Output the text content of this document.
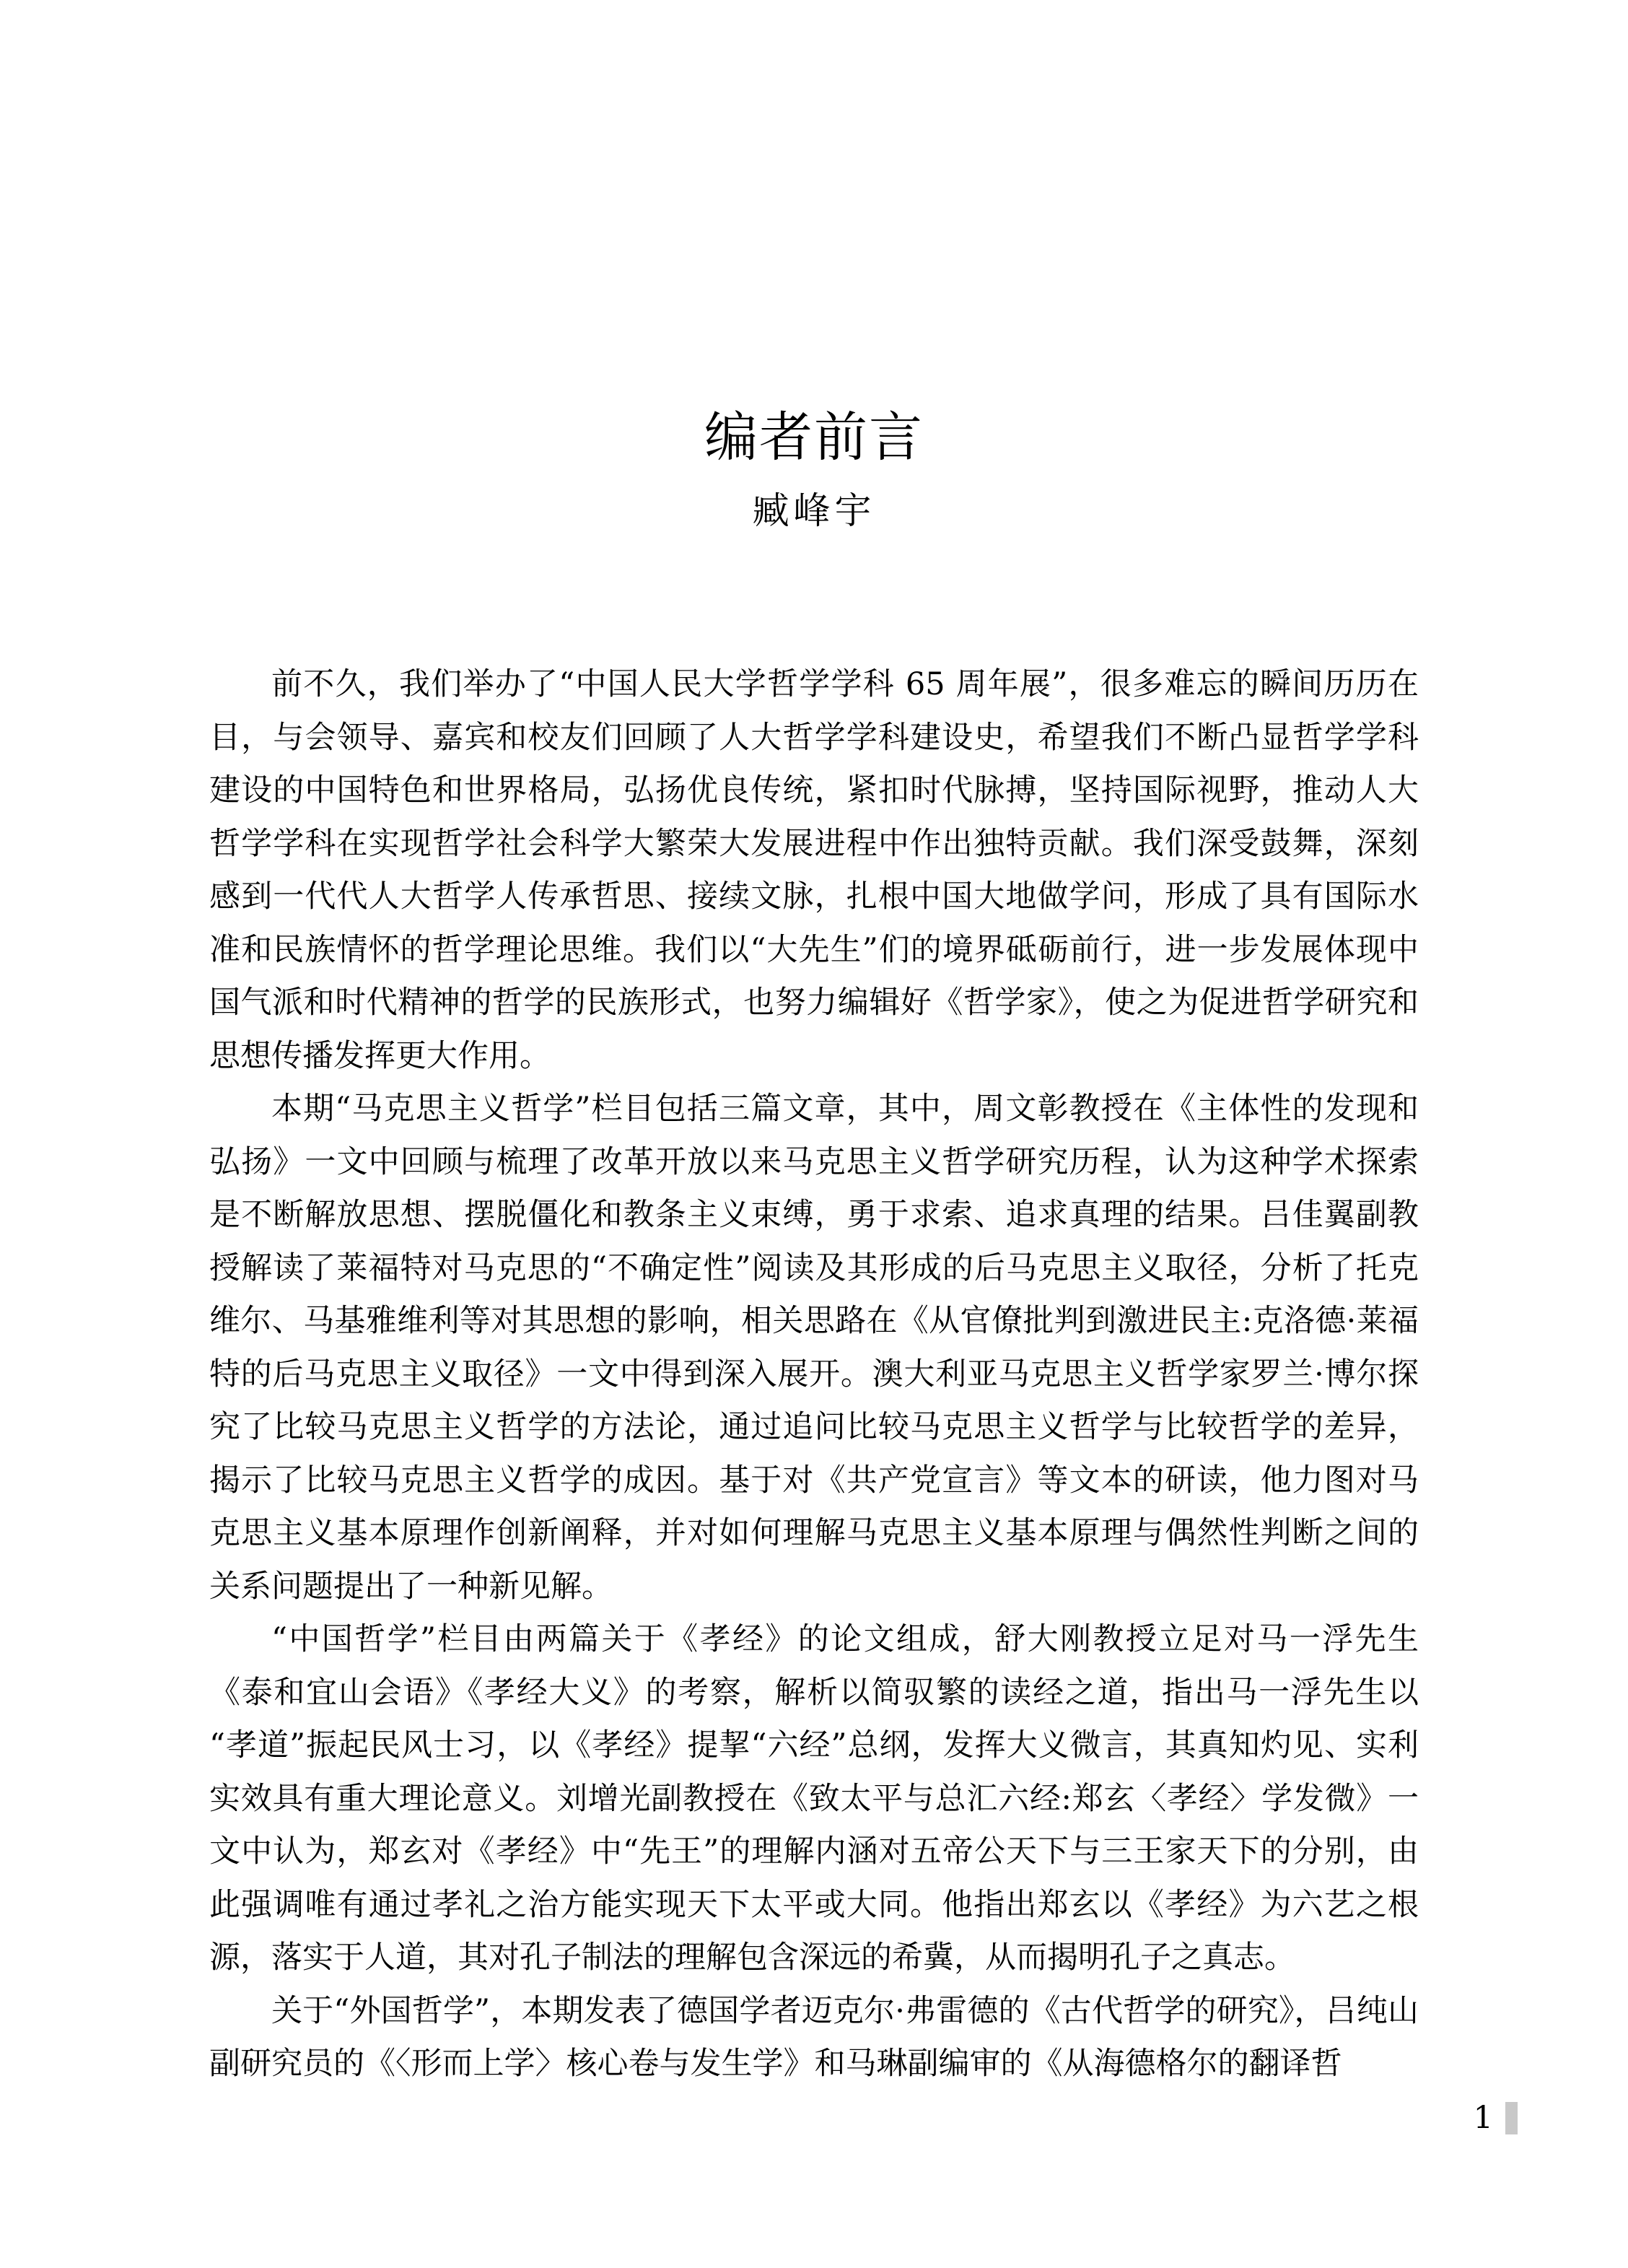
编者前言
臧峰宇

前不久，我们举办了“中国人民大学哲学学科 65 周年展”，很多难忘的瞬间历历在目，与会领导、嘉宾和校友们回顾了人大哲学学科建设史，希望我们不断凸显哲学学科建设的中国特色和世界格局，弘扬优良传统，紧扣时代脉搏，坚持国际视野，推动人大哲学学科在实现哲学社会科学大繁荣大发展进程中作出独特贡献。我们深受鼓舞，深刻感到一代代人大哲学人传承哲思、接续文脉，扎根中国大地做学问，形成了具有国际水准和民族情怀的哲学理论思维。我们以“大先生”们的境界砥砺前行，进一步发展体现中国气派和时代精神的哲学的民族形式，也努力编辑好《哲学家》，使之为促进哲学研究和思想传播发挥更大作用。

本期“马克思主义哲学”栏目包括三篇文章，其中，周文彰教授在《主体性的发现和弘扬》一文中回顾与梳理了改革开放以来马克思主义哲学研究历程，认为这种学术探索是不断解放思想、摆脱僵化和教条主义束缚，勇于求索、追求真理的结果。吕佳翼副教授解读了莱福特对马克思的“不确定性”阅读及其形成的后马克思主义取径，分析了托克维尔、马基雅维利等对其思想的影响，相关思路在《从官僚批判到激进民主:克洛德·莱福特的后马克思主义取径》一文中得到深入展开。澳大利亚马克思主义哲学家罗兰·博尔探究了比较马克思主义哲学的方法论，通过追问比较马克思主义哲学与比较哲学的差异，揭示了比较马克思主义哲学的成因。基于对《共产党宣言》等文本的研读，他力图对马克思主义基本原理作创新阐释，并对如何理解马克思主义基本原理与偶然性判断之间的关系问题提出了一种新见解。

“中国哲学”栏目由两篇关于《孝经》的论文组成，舒大刚教授立足对马一浮先生《泰和宜山会语》《孝经大义》的考察，解析以简驭繁的读经之道，指出马一浮先生以“孝道”振起民风士习，以《孝经》提挈“六经”总纲，发挥大义微言，其真知灼见、实利实效具有重大理论意义。刘增光副教授在《致太平与总汇六经:郑玄〈孝经〉学发微》一文中认为，郑玄对《孝经》中“先王”的理解内涵对五帝公天下与三王家天下的分别，由此强调唯有通过孝礼之治方能实现天下太平或大同。他指出郑玄以《孝经》为六艺之根源，落实于人道，其对孔子制法的理解包含深远的希冀，从而揭明孔子之真志。

关于“外国哲学”，本期发表了德国学者迈克尔·弗雷德的《古代哲学的研究》，吕纯山副研究员的《〈形而上学〉核心卷与发生学》和马琳副编审的《从海德格尔的翻译哲

1
